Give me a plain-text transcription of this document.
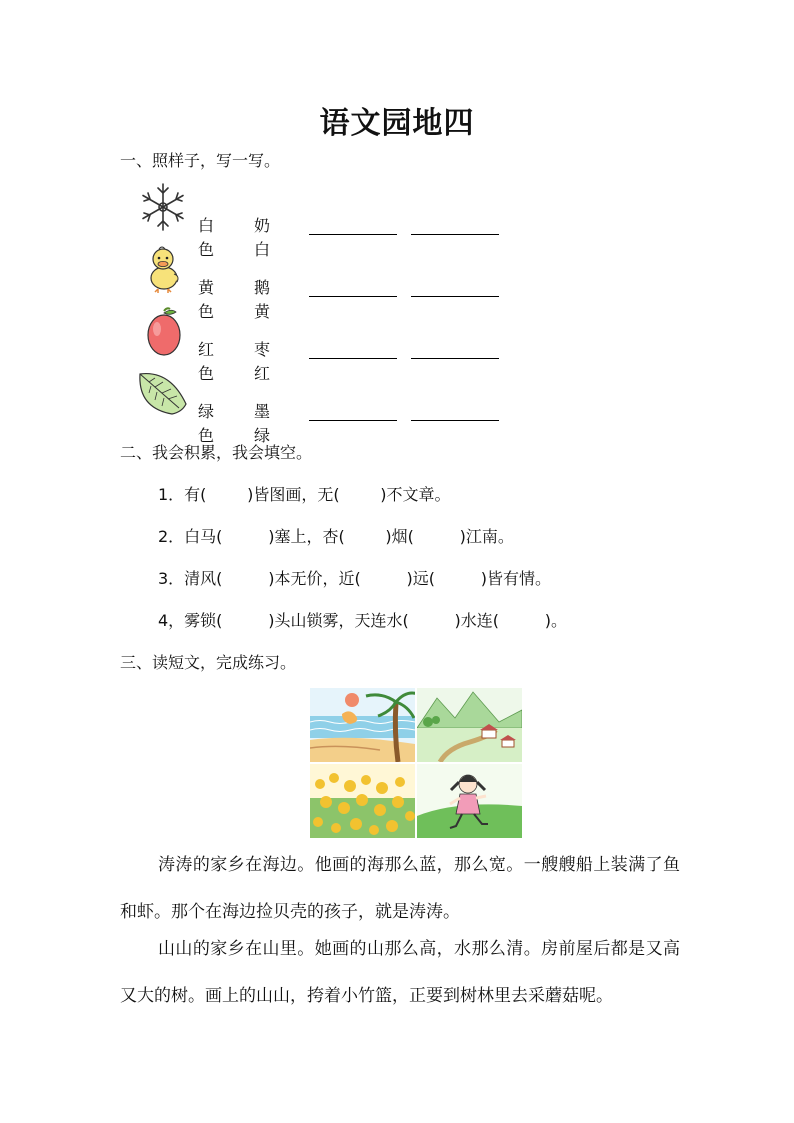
语文园地四
一、照样子，写一写。
白色
奶白
黄色
鹅黄
红色
枣红
绿色
墨绿
二、我会积累，我会填空。
1．有(        )皆图画，无(        )不文章。
2．白马(         )塞上，杏(        )烟(         )江南。
3．清风(         )本无价，近(         )远(         )皆有情。
4，雾锁(         )头山锁雾，天连水(         )水连(         )。
三、读短文，完成练习。
涛涛的家乡在海边。他画的海那么蓝，那么宽。一艘艘船上装满了鱼和虾。那个在海边捡贝壳的孩子，就是涛涛。
山山的家乡在山里。她画的山那么高，水那么清。房前屋后都是又高又大的树。画上的山山，挎着小竹篮，正要到树林里去采蘑菇呢。
